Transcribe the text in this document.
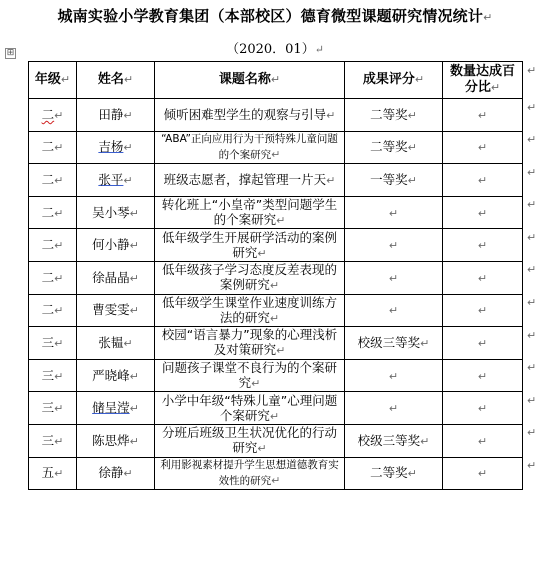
城南实验小学教育集团（本部校区）德育微型课题研究情况统计↵
（2020．01）↵
⊞
年级↵	姓名↵	课题名称↵	成果评分↵	数量达成百分比↵
二↵	田静↵	倾听困难型学生的观察与引导↵	二等奖↵	↵
二↵	吉杨↵	“ABA”正向应用行为干预特殊儿童问题的个案研究↵	二等奖↵	↵
二↵	张平↵	班级志愿者，撑起管理一片天↵	一等奖↵	↵
二↵	吴小琴↵	转化班上“小皇帝”类型问题学生的个案研究↵	↵	↵
二↵	何小静↵	低年级学生开展研学活动的案例研究↵	↵	↵
二↵	徐晶晶↵	低年级孩子学习态度反差表现的案例研究↵	↵	↵
二↵	曹雯雯↵	低年级学生课堂作业速度训练方法的研究↵	↵	↵
三↵	张韫↵	校园“语言暴力”现象的心理浅析及对策研究↵	校级三等奖↵	↵
三↵	严晓峰↵	问题孩子课堂不良行为的个案研究↵	↵	↵
三↵	储呈滢↵	小学中年级“特殊儿童”心理问题个案研究↵	↵	↵
三↵	陈思烨↵	分班后班级卫生状况优化的行动研究↵	校级三等奖↵	↵
五↵	徐静↵	利用影视素材提升学生思想道德教育实效性的研究↵	二等奖↵	↵
↵
↵
↵
↵
↵
↵
↵
↵
↵
↵
↵
↵
↵
